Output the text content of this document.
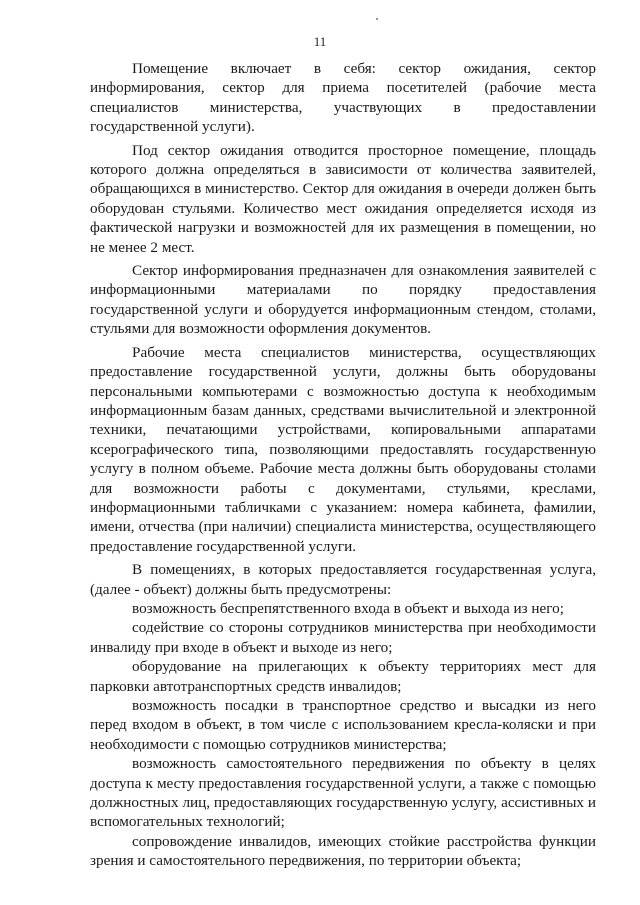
11

Помещение включает в себя: сектор ожидания, сектор информирования, сектор для приема посетителей (рабочие места специалистов министерства, участвующих в предоставлении государственной услуги).

Под сектор ожидания отводится просторное помещение, площадь которого должна определяться в зависимости от количества заявителей, обращающихся в министерство. Сектор для ожидания в очереди должен быть оборудован стульями. Количество мест ожидания определяется исходя из фактической нагрузки и возможностей для их размещения в помещении, но не менее 2 мест.

Сектор информирования предназначен для ознакомления заявителей с информационными материалами по порядку предоставления государственной услуги и оборудуется информационным стендом, столами, стульями для возможности оформления документов.

Рабочие места специалистов министерства, осуществляющих предоставление государственной услуги, должны быть оборудованы персональными компьютерами с возможностью доступа к необходимым информационным базам данных, средствами вычислительной и электронной техники, печатающими устройствами, копировальными аппаратами ксерографического типа, позволяющими предоставлять государственную услугу в полном объеме. Рабочие места должны быть оборудованы столами для возможности работы с документами, стульями, креслами, информационными табличками с указанием: номера кабинета, фамилии, имени, отчества (при наличии) специалиста министерства, осуществляющего предоставление государственной услуги.

В помещениях, в которых предоставляется государственная услуга, (далее - объект) должны быть предусмотрены:

возможность беспрепятственного входа в объект и выхода из него;

содействие со стороны сотрудников министерства при необходимости инвалиду при входе в объект и выходе из него;

оборудование на прилегающих к объекту территориях мест для парковки автотранспортных средств инвалидов;

возможность посадки в транспортное средство и высадки из него перед входом в объект, в том числе с использованием кресла-коляски и при необходимости с помощью сотрудников министерства;

возможность самостоятельного передвижения по объекту в целях доступа к месту предоставления государственной услуги, а также с помощью должностных лиц, предоставляющих государственную услугу, ассистивных и вспомогательных технологий;

сопровождение инвалидов, имеющих стойкие расстройства функции зрения и самостоятельного передвижения, по территории объекта;
